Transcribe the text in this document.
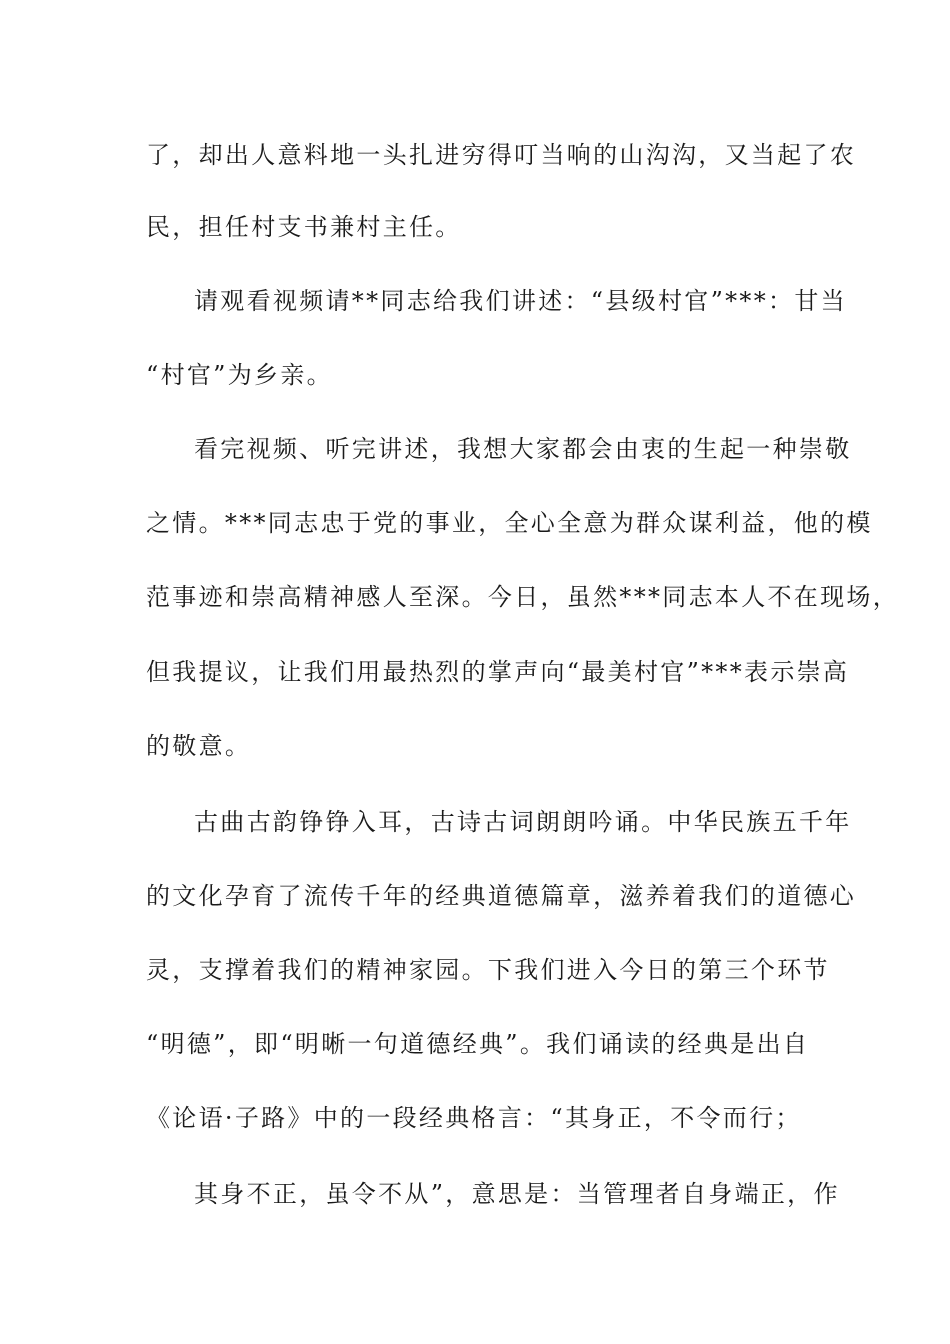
了，却出人意料地一头扎进穷得叮当响的山沟沟，又当起了农
民，担任村支书兼村主任。
请观看视频请**同志给我们讲述：“县级村官”***：甘当
“村官”为乡亲。
看完视频、听完讲述，我想大家都会由衷的生起一种崇敬
之情。***同志忠于党的事业，全心全意为群众谋利益，他的模
范事迹和崇高精神感人至深。今日，虽然***同志本人不在现场，
但我提议，让我们用最热烈的掌声向“最美村官”***表示崇高
的敬意。
古曲古韵铮铮入耳，古诗古词朗朗吟诵。中华民族五千年
的文化孕育了流传千年的经典道德篇章，滋养着我们的道德心
灵，支撑着我们的精神家园。下我们进入今日的第三个环节
“明德”，即“明晰一句道德经典”。我们诵读的经典是出自
《论语·子路》中的一段经典格言：“其身正，不令而行；
其身不正，虽令不从”，意思是：当管理者自身端正，作
